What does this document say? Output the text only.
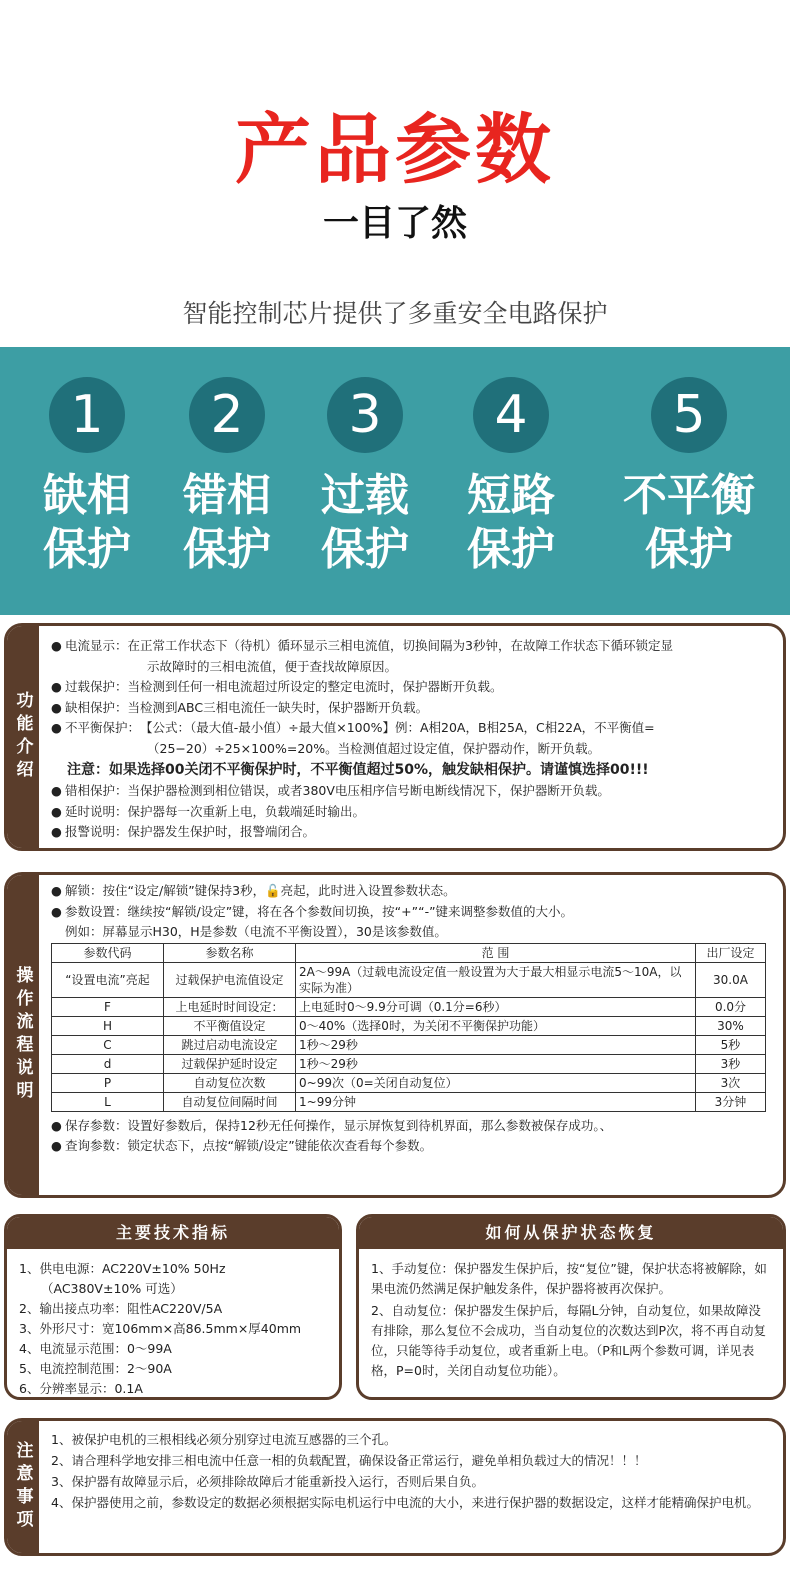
产品参数
一目了然
智能控制芯片提供了多重安全电路保护
1
缺相
保护
2
错相
保护
3
过载
保护
4
短路
保护
5
不平衡
保护
功能介绍
● 电流显示： 在正常工作状态下（待机）循环显示三相电流值，切换间隔为3秒钟，在故障工作状态下循环锁定显
示故障时的三相电流值，便于查找故障原因。
● 过载保护：当检测到任何一相电流超过所设定的整定电流时，保护器断开负载。
● 缺相保护：当检测到ABC三相电流任一缺失时，保护器断开负载。
● 不平衡保护： 【公式：（最大值-最小值）÷最大值×100%】例：A相20A，B相25A，C相22A，不平衡值=
（25−20）÷25×100%=20%。当检测值超过设定值，保护器动作，断开负载。
注意：如果选择00关闭不平衡保护时，不平衡值超过50%，触发缺相保护。请谨慎选择00!!!
● 错相保护：当保护器检测到相位错误，或者380V电压相序信号断电断线情况下，保护器断开负载。
● 延时说明：保护器每一次重新上电，负载端延时输出。
● 报警说明：保护器发生保护时，报警端闭合。
操作流程说明
● 解锁：按住“设定/解锁”键保持3秒，🔓亮起，此时进入设置参数状态。
● 参数设置：继续按“解锁/设定”键，将在各个参数间切换，按“+”“-”键来调整参数值的大小。
例如：屏幕显示H30，H是参数（电流不平衡设置），30是该参数值。
参数代码	参数名称	范 围	出厂设定
“设置电流”亮起	过载保护电流值设定	2A～99A（过载电流设定值一般设置为大于最大相显示电流5～10A，以实际为准）	30.0A
F	上电延时时间设定：	上电延时0～9.9分可调（0.1分=6秒）	0.0分
H	不平衡值设定	0～40%（选择0时，为关闭不平衡保护功能）	30%
C	跳过启动电流设定	1秒～29秒	5秒
d	过载保护延时设定	1秒～29秒	3秒
P	自动复位次数	0~99次（0=关闭自动复位）	3次
L	自动复位间隔时间	1~99分钟	3分钟
● 保存参数：设置好参数后，保持12秒无任何操作，显示屏恢复到待机界面，那么参数被保存成功。、
● 查询参数：锁定状态下，点按“解锁/设定”键能依次查看每个参数。
主要技术指标
1、供电电源：AC220V±10% 50Hz
（AC380V±10% 可选）
2、输出接点功率：阻性AC220V/5A
3、外形尺寸：宽106mm×高86.5mm×厚40mm
4、电流显示范围：0～99A
5、电流控制范围：2～90A
6、分辨率显示：0.1A
如何从保护状态恢复
1、手动复位：保护器发生保护后，按“复位”键，保护状态将被解除，如果电流仍然满足保护触发条件，保护器将被再次保护。
2、自动复位：保护器发生保护后，每隔L分钟，自动复位，如果故障没有排除，那么复位不会成功，当自动复位的次数达到P次，将不再自动复位，只能等待手动复位，或者重新上电。（P和L两个参数可调，详见表格，P=0时，关闭自动复位功能）。
注意事项
1、被保护电机的三根相线必须分别穿过电流互感器的三个孔。
2、请合理科学地安排三相电流中任意一相的负载配置，确保设备正常运行，避免单相负载过大的情况！！！
3、保护器有故障显示后，必须排除故障后才能重新投入运行，否则后果自负。
4、保护器使用之前，参数设定的数据必须根据实际电机运行中电流的大小，来进行保护器的数据设定，这样才能精确保护电机。
